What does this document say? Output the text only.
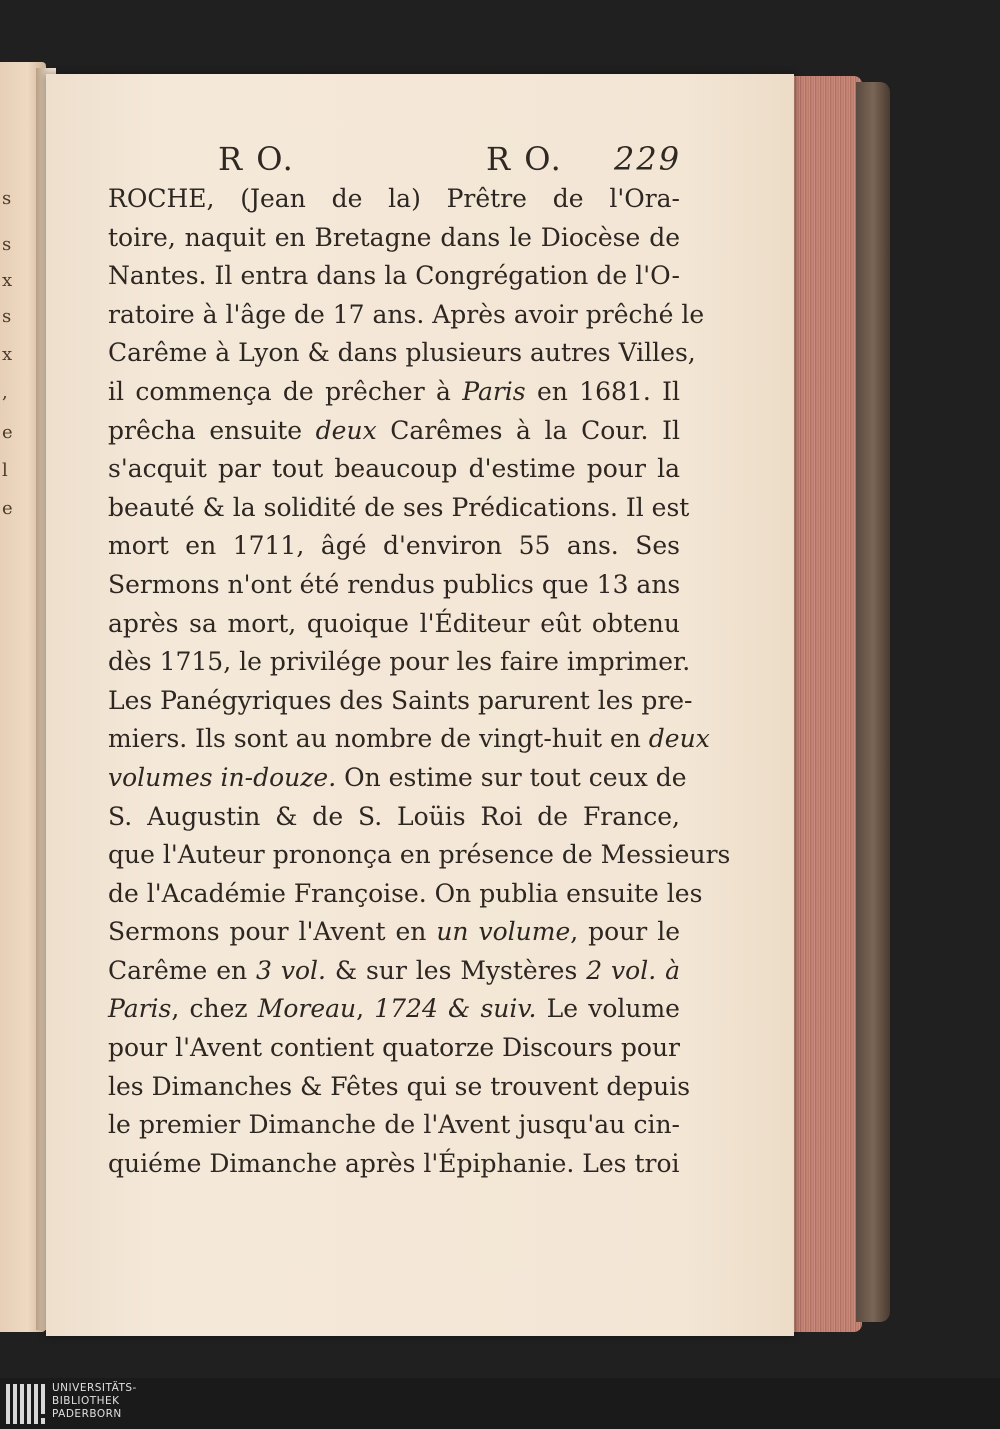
s
s
x
s
x
,
e
l
e
R O.	R O. 229
ROCHE, (Jean de la) Prêtre de l'Ora-
toire, naquit en Bretagne dans le Diocèse de
Nantes. Il entra dans la Congrégation de l'O-
ratoire à l'âge de 17 ans. Après avoir prêché le
Carême à Lyon & dans plusieurs autres Villes,
il commença de prêcher à Paris en 1681. Il
prêcha ensuite deux Carêmes à la Cour. Il
s'acquit par tout beaucoup d'estime pour la
beauté & la solidité de ses Prédications. Il est
mort en 1711, âgé d'environ 55 ans. Ses
Sermons n'ont été rendus publics que 13 ans
après sa mort, quoique l'Éditeur eût obtenu
dès 1715, le privilége pour les faire imprimer.
Les Panégyriques des Saints parurent les pre-
miers. Ils sont au nombre de vingt-huit en deux
volumes in-douze. On estime sur tout ceux de
S. Augustin & de S. Loüis Roi de France,
que l'Auteur prononça en présence de Messieurs
de l'Académie Françoise. On publia ensuite les
Sermons pour l'Avent en un volume, pour le
Carême en 3 vol. & sur les Mystères 2 vol. à
Paris, chez Moreau, 1724 & suiv. Le volume
pour l'Avent contient quatorze Discours pour
les Dimanches & Fêtes qui se trouvent depuis
le premier Dimanche de l'Avent jusqu'au cin-
quiéme Dimanche après l'Épiphanie. Les troi
UNIVERSITÄTS-
BIBLIOTHEK
PADERBORN
